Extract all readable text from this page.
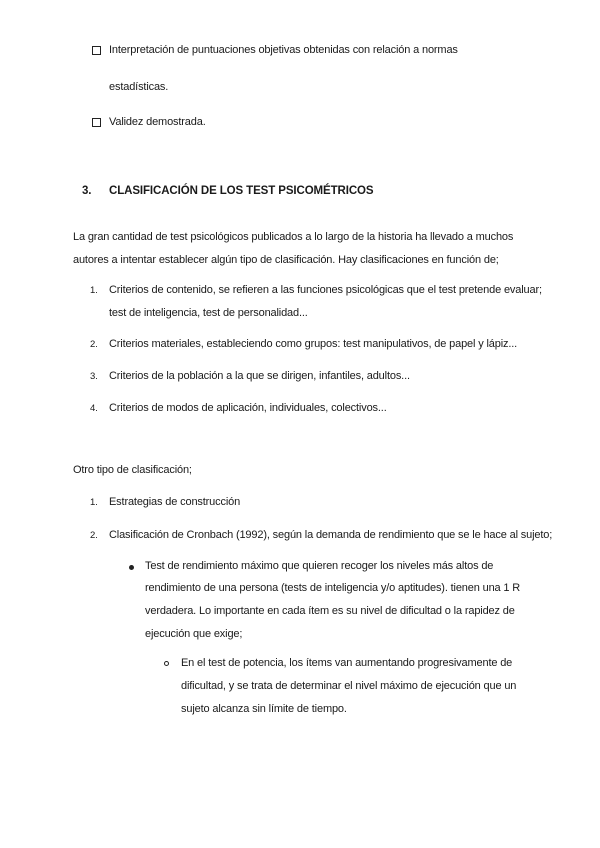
Interpretación de puntuaciones objetivas obtenidas con relación a normas
estadísticas.
Validez demostrada.
3. CLASIFICACIÓN DE LOS TEST PSICOMÉTRICOS
La gran cantidad de test psicológicos publicados a lo largo de la historia ha llevado a muchos
autores a intentar establecer algún tipo de clasificación. Hay clasificaciones en función de;
1. Criterios de contenido, se refieren a las funciones psicológicas que el test pretende evaluar;
test de inteligencia, test de personalidad...
2. Criterios materiales, estableciendo como grupos: test manipulativos, de papel y lápiz...
3. Criterios de la población a la que se dirigen, infantiles, adultos...
4. Criterios de modos de aplicación, individuales, colectivos...
Otro tipo de clasificación;
1. Estrategias de construcción
2. Clasificación de Cronbach (1992), según la demanda de rendimiento que se le hace al sujeto;
Test de rendimiento máximo que quieren recoger los niveles más altos de
rendimiento de una persona (tests de inteligencia y/o aptitudes). tienen una 1 R
verdadera. Lo importante en cada ítem es su nivel de dificultad o la rapidez de
ejecución que exige;
En el test de potencia, los ítems van aumentando progresivamente de
dificultad, y se trata de determinar el nivel máximo de ejecución que un
sujeto alcanza sin límite de tiempo.
